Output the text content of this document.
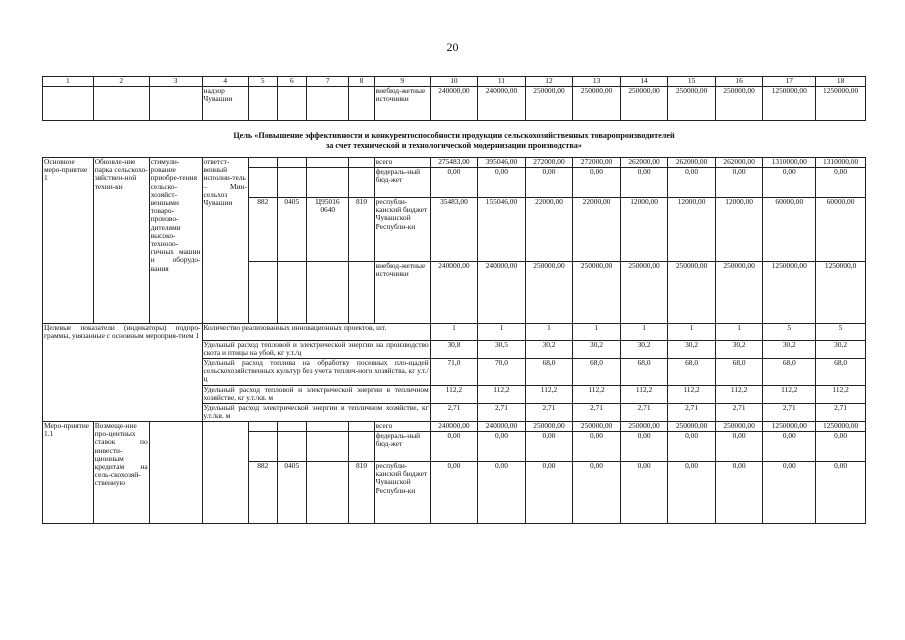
20
1	2	3	4	5	6	7	8	9	10	11	12	13	14	15	16	17	18
			надзор Чувашии					внебюд-жетные источники	240000,00	240000,00	250000,00	250000,00	250000,00	250000,00	250000,00	1250000,00	1250000,00

Цель «Повышение эффективности и конкурентоспособности продукции сельскохозяйственных товаропроизводителей
за счет технической и технологической модернизации производства»																	

Основное меро-приятие 1	Обновле-ние парка сельскохо-зяйствен-ной техни-ки	стимули-рование приобре-тения сельско-хозяйст-венными товаро-произво-дителями высоко-техноло-гичных машин и оборудо-вания	ответст-венный исполни-тель – Мин-сельхоз Чувашии					всего	275483,00	395046,00	272000,00	272000,00	262000,00	262000,00	262000,00	1310000,00	1310000,00
								федераль-ный бюд-жет	0,00	0,00	0,00	0,00	0,00	0,00	0,00	0,00	0,00
				882	0405	Ц95016 0640	810	республи-канский бюджет Чувашской Республи-ки	35483,00	155046,00	22000,00	22000,00	12000,00	12000,00	12000,00	60000,00	60000,00
								внебюд-жетные источники	240000,00	240000,00	250000,00	250000,00	250000,00	250000,00	250000,00	1250000,00	1250000,0
Целевые показатели (индикаторы) подпро-граммы, увязанные с основным мероприя-тием 1			Количество реализованных инновационных проектов, шт.						1	1	1	1	1	1	1	5	5
			Удельный расход тепловой и электрической энергии на производство скота и птицы на убой, кг у.т./ц						30,8	30,5	30,2	30,2	30,2	30,2	30,2	30,2	30,2
			Удельный расход топлива на обработку посевных пло-щадей сельскохозяйственных культур без учета теплич-ного хозяйства, кг у.т./ц						71,0	70,0	68,0	68,0	68,0	68,0	68,0	68,0	68,0
			Удельный расход тепловой и электрической энергии в тепличном хозяйстве, кг у.т./кв. м						112,2	112,2	112,2	112,2	112,2	112,2	112,2	112,2	112,2
			Удельный расход электрической энергии в тепличном хозяйстве, кг у.т./кв. м						2,71	2,71	2,71	2,71	2,71	2,71	2,71	2,71	2,71
Меро-приятие 1.1	Возмеще-ние про-центных ставок по инвести-ционным кредитам на сель-скохозяй-ственную							всего	240000,00	240000,00	250000,00	250000,00	250000,00	250000,00	250000,00	1250000,00	1250000,00
								федераль-ный бюд-жет	0,00	0,00	0,00	0,00	0,00	0,00	0,00	0,00	0,00
				882	0405		810	республи-канский бюджет Чувашской Республи-ки	0,00	0,00	0,00	0,00	0,00	0,00	0,00	0,00	0,00
